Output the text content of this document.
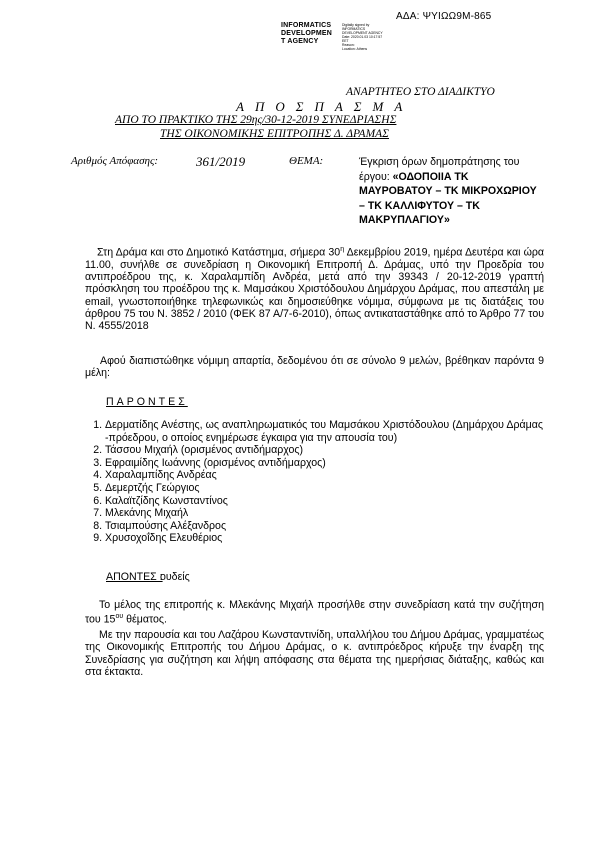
ΑΔΑ: ΨΥΙΩΩ9Μ-865
INFORMATICS
DEVELOPMEN
T AGENCY
Digitally signed by
INFORMATICS
DEVELOPMENT AGENCY
Date: 2020.01.03 10:17:57
EET
Reason:
Location: Athens
ΑΝΑΡΤΗΤΕΟ ΣΤΟ ΔΙΑΔΙΚΤΥΟ
ΑΠΟΣΠΑΣΜΑ
ΑΠΟ ΤΟ ΠΡΑΚΤΙΚΟ ΤΗΣ 29ης/30-12-2019 ΣΥΝΕΔΡΙΑΣΗΣ
ΤΗΣ ΟΙΚΟΝΟΜΙΚΗΣ ΕΠΙΤΡΟΠΗΣ Δ. ΔΡΑΜΑΣ
Αριθμός Απόφασης:	361/2019	ΘΕΜΑ:	Έγκριση όρων δημοπράτησης του έργου: «ΟΔΟΠΟΙΙΑ ΤΚ ΜΑΥΡΟΒΑΤΟΥ – ΤΚ ΜΙΚΡΟΧΩΡΙΟΥ – ΤΚ ΚΑΛΛΙΦΥΤΟΥ – ΤΚ ΜΑΚΡΥΠΛΑΓΙΟΥ»
Στη Δράμα και στο Δημοτικό Κατάστημα, σήμερα $30^\eta$ Δεκεμβρίου 2019, ημέρα Δευτέρα και ώρα 11.00, συνήλθε σε συνεδρίαση η Οικονομική Επιτροπή Δ. Δράμας, υπό την Προεδρία του αντιπροέδρου της, κ. Χαραλαμπίδη Ανδρέα, μετά από την 39343 / 20-12-2019 γραπτή πρόσκληση του προέδρου της κ. Μαμσάκου Χριστόδουλου Δημάρχου Δράμας, που απεστάλη με email, γνωστοποιήθηκε τηλεφωνικώς και δημοσιεύθηκε νόμιμα, σύμφωνα με τις διατάξεις του άρθρου 75 του Ν. 3852 / 2010 (ΦΕΚ 87 Α/7-6-2010), όπως αντικαταστάθηκε από το Άρθρο 77 του Ν. 4555/2018
Αφού διαπιστώθηκε νόμιμη απαρτία, δεδομένου ότι σε σύνολο 9 μελών, βρέθηκαν παρόντα 9 μέλη:
ΠΑΡΟΝΤΕΣ
1. Δερματίδης Ανέστης, ως αναπληρωματικός του Μαμσάκου Χριστόδουλου (Δημάρχου Δράμας -πρόεδρου, ο οποίος ενημέρωσε έγκαιρα για την απουσία του)
2. Τάσσου Μιχαήλ (ορισμένος αντιδήμαρχος)
3. Εφραιμίδης Ιωάννης (ορισμένος αντιδήμαρχος)
4. Χαραλαμπίδης Ανδρέας
5. Δεμερτζής Γεώργιος
6. Καλαϊτζίδης Κωνσταντίνος
7. Μλεκάνης Μιχαήλ
8. Τσιαμπούσης Αλέξανδρος
9. Χρυσοχοΐδης Ελευθέριος
ΑΠΟΝΤΕΣ :
ουδείς
Το μέλος της επιτροπής κ. Μλεκάνης Μιχαήλ προσήλθε στην συνεδρίαση κατά την συζήτηση του $15^{o\upsilon}$ θέματος.
Με την παρουσία και του Λαζάρου Κωνσταντινίδη, υπαλλήλου του Δήμου Δράμας, γραμματέως της Οικονομικής Επιτροπής του Δήμου Δράμας, ο κ. αντιπρόεδρος κήρυξε την έναρξη της Συνεδρίασης για συζήτηση και λήψη απόφασης στα θέματα της ημερήσιας διάταξης, καθώς και στα έκτακτα.
